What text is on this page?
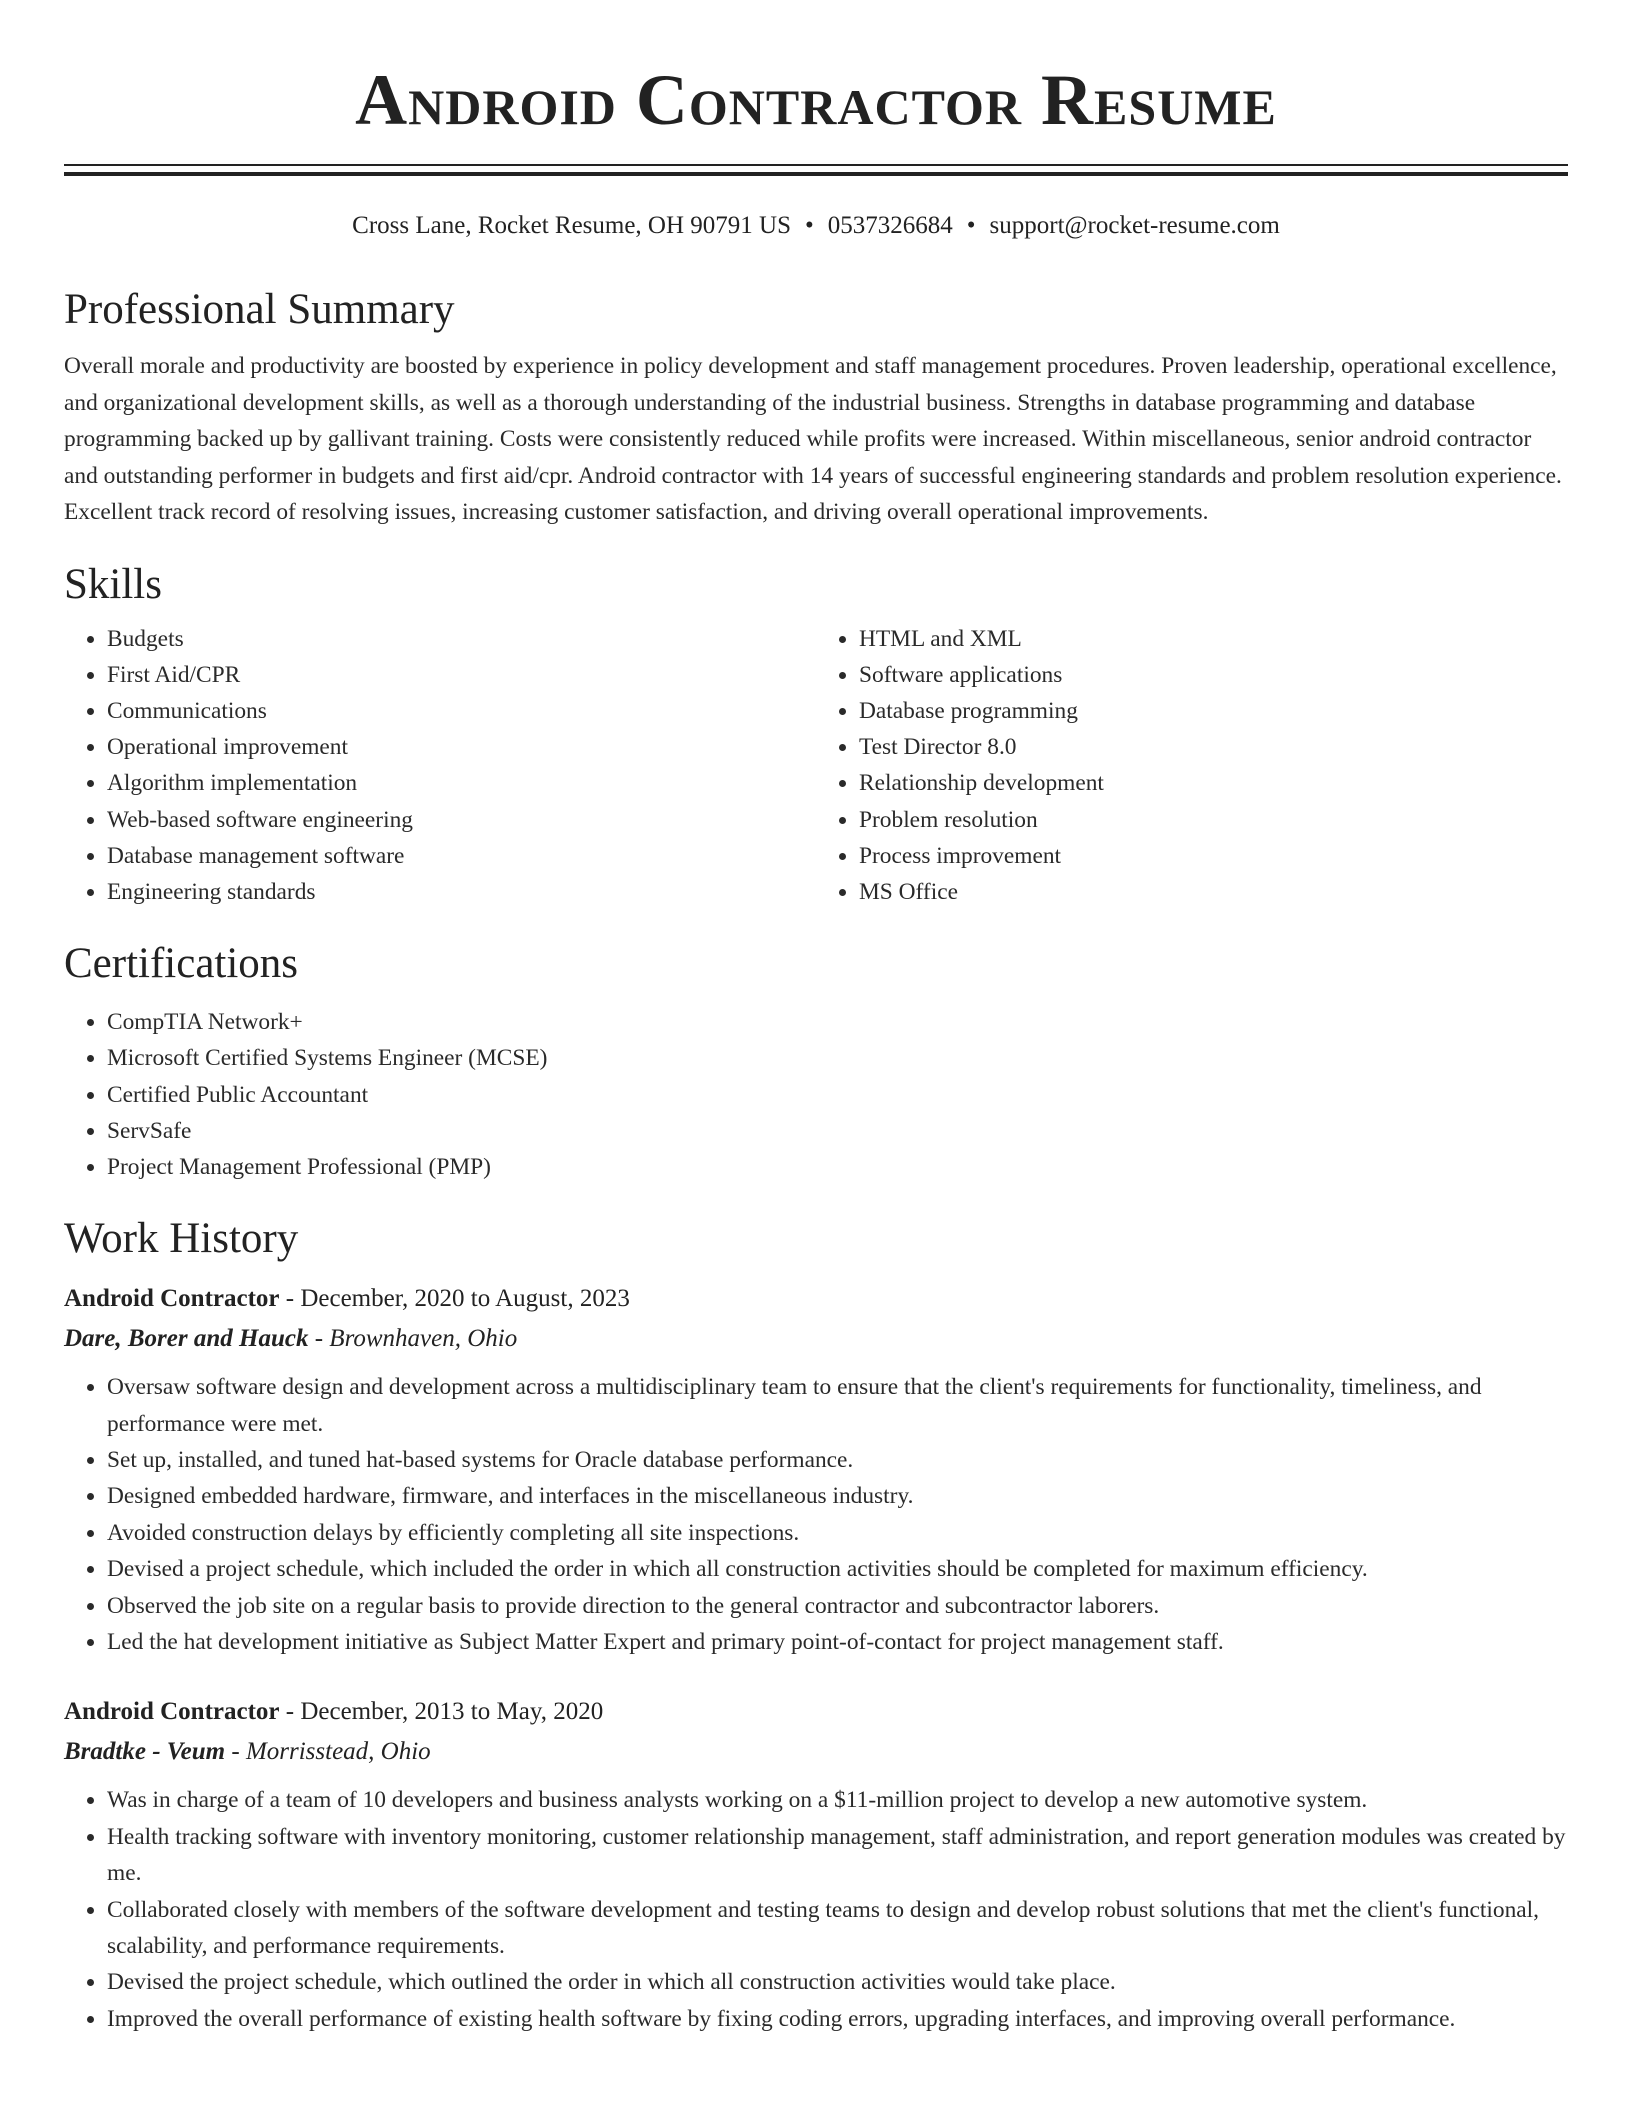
Android Contractor Resume
Cross Lane, Rocket Resume, OH 90791 US • 0537326684 • support@rocket-resume.com
Professional Summary

Overall morale and productivity are boosted by experience in policy development and staff management procedures. Proven leadership, operational excellence, and organizational development skills, as well as a thorough understanding of the industrial business. Strengths in database programming and database programming backed up by gallivant training. Costs were consistently reduced while profits were increased. Within miscellaneous, senior android contractor and outstanding performer in budgets and first aid/cpr. Android contractor with 14 years of successful engineering standards and problem resolution experience. Excellent track record of resolving issues, increasing customer satisfaction, and driving overall operational improvements.

Skills
• Budgets
• First Aid/CPR
• Communications
• Operational improvement
• Algorithm implementation
• Web-based software engineering
• Database management software
• Engineering standards
• HTML and XML
• Software applications
• Database programming
• Test Director 8.0
• Relationship development
• Problem resolution
• Process improvement
• MS Office
Certifications
• CompTIA Network+
• Microsoft Certified Systems Engineer (MCSE)
• Certified Public Accountant
• ServSafe
• Project Management Professional (PMP)
Work History
Android Contractor - December, 2020 to August, 2023
Dare, Borer and Hauck - Brownhaven, Ohio
• Oversaw software design and development across a multidisciplinary team to ensure that the client's requirements for functionality, timeliness, and performance were met.
• Set up, installed, and tuned hat-based systems for Oracle database performance.
• Designed embedded hardware, firmware, and interfaces in the miscellaneous industry.
• Avoided construction delays by efficiently completing all site inspections.
• Devised a project schedule, which included the order in which all construction activities should be completed for maximum efficiency.
• Observed the job site on a regular basis to provide direction to the general contractor and subcontractor laborers.
• Led the hat development initiative as Subject Matter Expert and primary point-of-contact for project management staff.
Android Contractor - December, 2013 to May, 2020
Bradtke - Veum - Morrisstead, Ohio
• Was in charge of a team of 10 developers and business analysts working on a $11-million project to develop a new automotive system.
• Health tracking software with inventory monitoring, customer relationship management, staff administration, and report generation modules was created by me.
• Collaborated closely with members of the software development and testing teams to design and develop robust solutions that met the client's functional, scalability, and performance requirements.
• Devised the project schedule, which outlined the order in which all construction activities would take place.
• Improved the overall performance of existing health software by fixing coding errors, upgrading interfaces, and improving overall performance.
